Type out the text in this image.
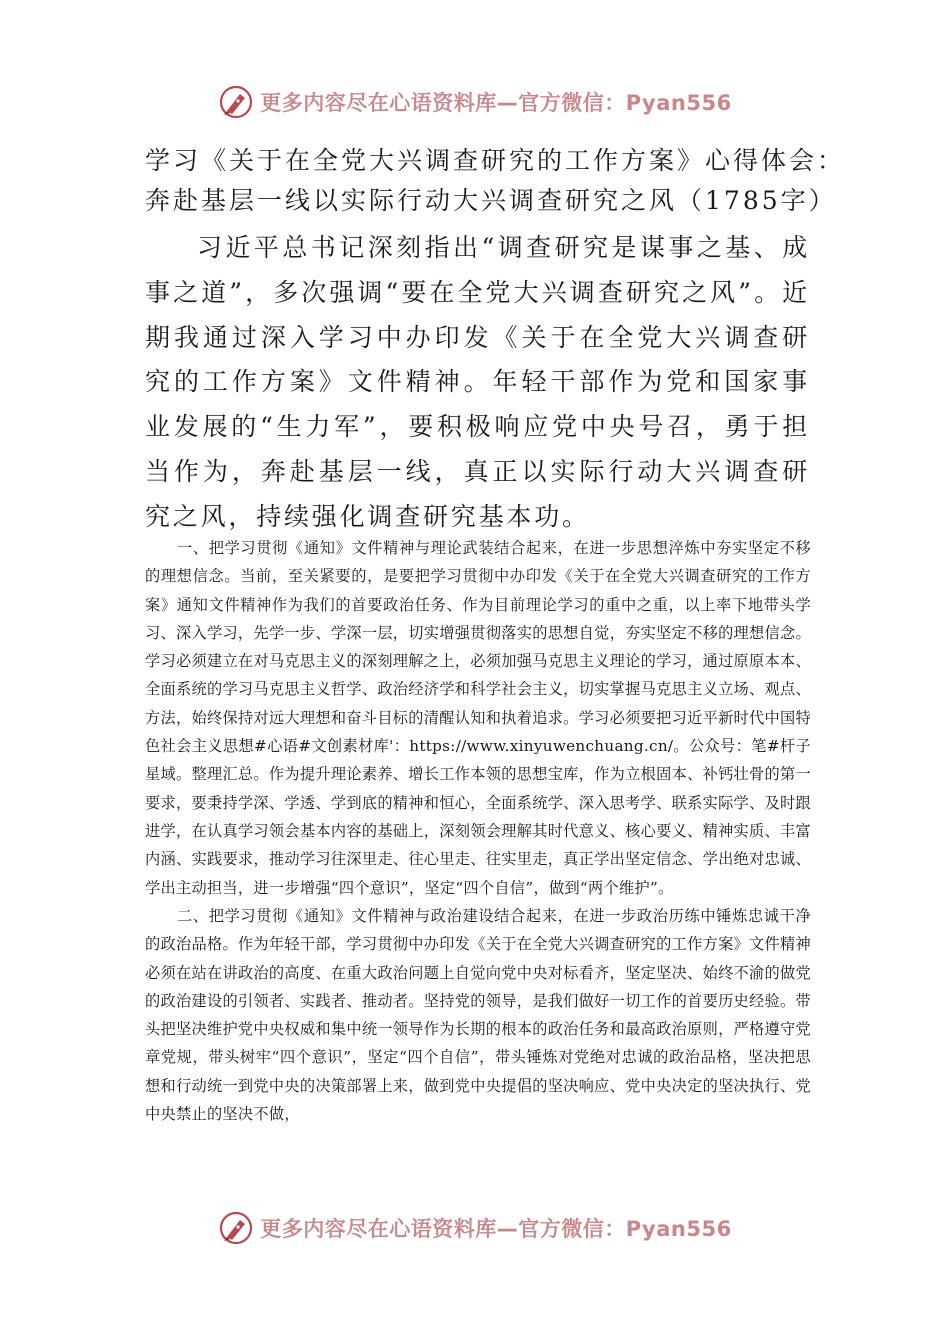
更多内容尽在心语资料库—官方微信：Pyan556
学习《关于在全党大兴调查研究的工作方案》心得体会：
奔赴基层一线以实际行动大兴调查研究之风（1785字）

习近平总书记深刻指出“调查研究是谋事之基、成事之道”，多次强调“要在全党大兴调查研究之风”。近期我通过深入学习中办印发《关于在全党大兴调查研究的工作方案》文件精神。年轻干部作为党和国家事业发展的“生力军”，要积极响应党中央号召，勇于担当作为，奔赴基层一线，真正以实际行动大兴调查研究之风，持续强化调查研究基本功。

一、把学习贯彻《通知》文件精神与理论武装结合起来，在进一步思想淬炼中夯实坚定不移的理想信念。当前，至关紧要的，是要把学习贯彻中办印发《关于在全党大兴调查研究的工作方案》通知文件精神作为我们的首要政治任务、作为目前理论学习的重中之重，以上率下地带头学习、深入学习，先学一步、学深一层，切实增强贯彻落实的思想自觉，夯实坚定不移的理想信念。学习必须建立在对马克思主义的深刻理解之上，必须加强马克思主义理论的学习，通过原原本本、全面系统的学习马克思主义哲学、政治经济学和科学社会主义，切实掌握马克思主义立场、观点、方法，始终保持对远大理想和奋斗目标的清醒认知和执着追求。学习必须要把习近平新时代中国特色社会主义思想#心语#文创素材库'：https://www.xinyuwenchuang.cn/。公众号：笔#杆子星域。整理汇总。作为提升理论素养、增长工作本领的思想宝库，作为立根固本、补钙壮骨的第一要求，要秉持学深、学透、学到底的精神和恒心，全面系统学、深入思考学、联系实际学、及时跟进学，在认真学习领会基本内容的基础上，深刻领会理解其时代意义、核心要义、精神实质、丰富内涵、实践要求，推动学习往深里走、往心里走、往实里走，真正学出坚定信念、学出绝对忠诚、学出主动担当，进一步增强“四个意识”，坚定“四个自信”，做到“两个维护”。

二、把学习贯彻《通知》文件精神与政治建设结合起来，在进一步政治历练中锤炼忠诚干净的政治品格。作为年轻干部，学习贯彻中办印发《关于在全党大兴调查研究的工作方案》文件精神必须在站在讲政治的高度、在重大政治问题上自觉向党中央对标看齐，坚定坚决、始终不渝的做党的政治建设的引领者、实践者、推动者。坚持党的领导，是我们做好一切工作的首要历史经验。带头把坚决维护党中央权威和集中统一领导作为长期的根本的政治任务和最高政治原则，严格遵守党章党规，带头树牢“四个意识”，坚定“四个自信”，带头锤炼对党绝对忠诚的政治品格，坚决把思想和行动统一到党中央的决策部署上来，做到党中央提倡的坚决响应、党中央决定的坚决执行、党中央禁止的坚决不做，

更多内容尽在心语资料库—官方微信：Pyan556
